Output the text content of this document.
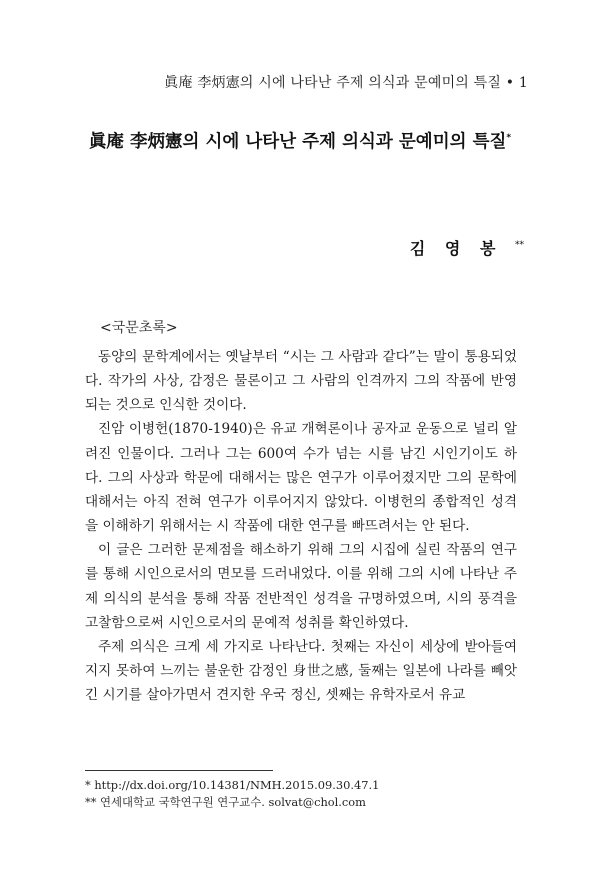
眞庵 李炳憲의 시에 나타난 주제 의식과 문예미의 특질 • 1
眞庵 李炳憲의 시에 나타난 주제 의식과 문예미의 특질*
김 영 봉 **
<국문초록>

동양의 문학계에서는 옛날부터 “시는 그 사람과 같다”는 말이 통용되었다. 작가의 사상, 감정은 물론이고 그 사람의 인격까지 그의 작품에 반영되는 것으로 인식한 것이다.

진암 이병헌(1870-1940)은 유교 개혁론이나 공자교 운동으로 널리 알려진 인물이다. 그러나 그는 600여 수가 넘는 시를 남긴 시인기이도 하다. 그의 사상과 학문에 대해서는 많은 연구가 이루어졌지만 그의 문학에 대해서는 아직 전혀 연구가 이루어지지 않았다. 이병헌의 종합적인 성격을 이해하기 위해서는 시 작품에 대한 연구를 빠뜨려서는 안 된다.

이 글은 그러한 문제점을 해소하기 위해 그의 시집에 실린 작품의 연구를 통해 시인으로서의 면모를 드러내었다. 이를 위해 그의 시에 나타난 주제 의식의 분석을 통해 작품 전반적인 성격을 규명하였으며, 시의 풍격을 고찰함으로써 시인으로서의 문예적 성취를 확인하였다.

주제 의식은 크게 세 가지로 나타난다. 첫째는 자신이 세상에 받아들여지지 못하여 느끼는 불운한 감정인 身世之感, 둘째는 일본에 나라를 빼앗긴 시기를 살아가면서 견지한 우국 정신, 셋째는 유학자로서 유교

* http://dx.doi.org/10.14381/NMH.2015.09.30.47.1
** 연세대학교 국학연구원 연구교수. solvat@chol.com
